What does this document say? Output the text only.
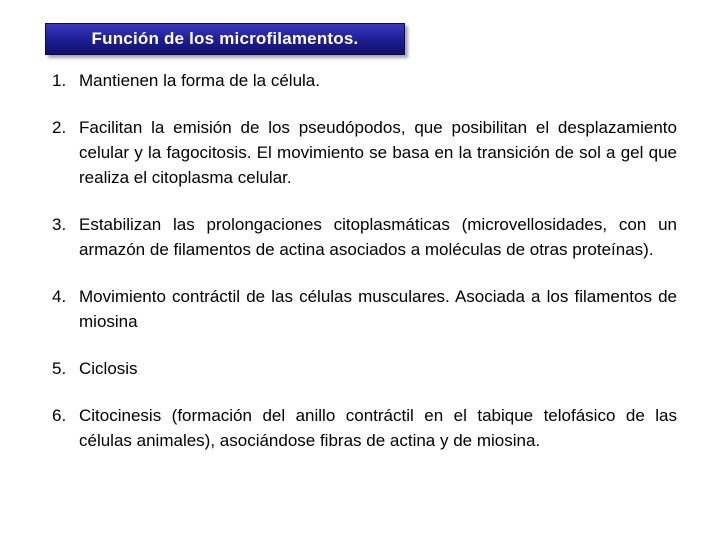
Función de los microfilamentos.
1. Mantienen la forma de la célula.
2. Facilitan la emisión de los pseudópodos, que posibilitan el desplazamiento celular y la fagocitosis. El movimiento se basa en la transición de sol a gel que realiza el citoplasma celular.
3. Estabilizan las prolongaciones citoplasmáticas (microvellosidades, con un armazón de filamentos de actina asociados a moléculas de otras proteínas).
4. Movimiento contráctil de las células musculares. Asociada a los filamentos de miosina
5. Ciclosis
6. Citocinesis (formación del anillo contráctil en el tabique telofásico de las células animales), asociándose fibras de actina y de miosina.
